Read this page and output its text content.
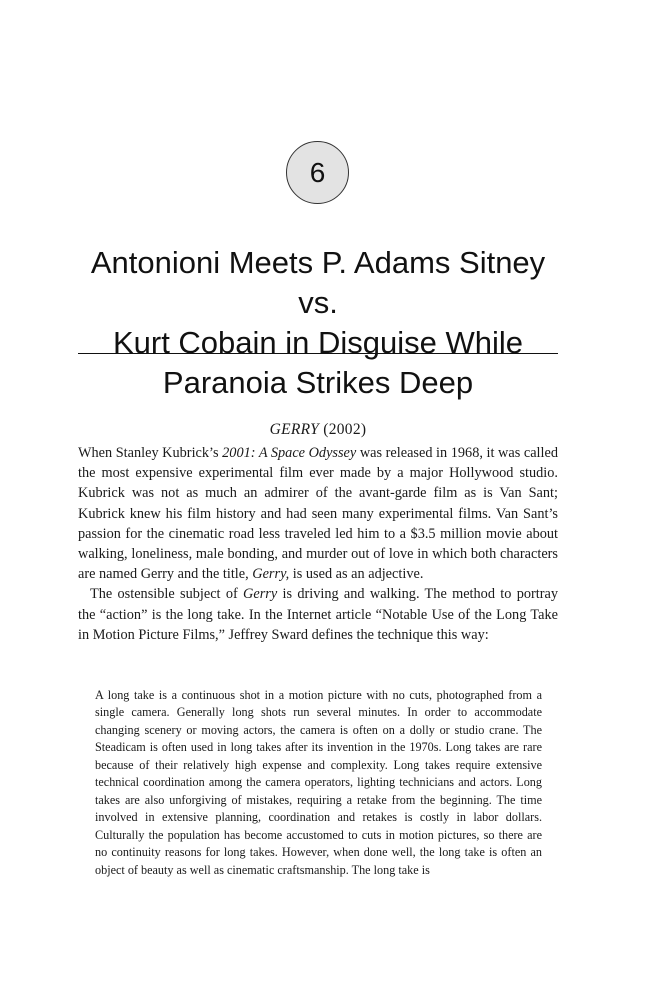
6
Antonioni Meets P. Adams Sitney vs.
Kurt Cobain in Disguise While
Paranoia Strikes Deep
GERRY (2002)

When Stanley Kubrick’s 2001: A Space Odyssey was released in 1968, it was called the most expensive experimental film ever made by a major Hollywood studio. Kubrick was not as much an admirer of the avant-garde film as is Van Sant; Kubrick knew his film history and had seen many experimental films. Van Sant’s passion for the cinematic road less traveled led him to a $3.5 million movie about walking, loneliness, male bonding, and murder out of love in which both characters are named Gerry and the title, Gerry, is used as an adjective.

The ostensible subject of Gerry is driving and walking. The method to portray the “action” is the long take. In the Internet article “Notable Use of the Long Take in Motion Picture Films,” Jeffrey Sward defines the technique this way:

A long take is a continuous shot in a motion picture with no cuts, photographed from a single camera. Generally long shots run several minutes. In order to accommodate changing scenery or moving actors, the camera is often on a dolly or studio crane. The Steadicam is often used in long takes after its invention in the 1970s. Long takes are rare because of their relatively high expense and complexity. Long takes require extensive technical coordination among the camera operators, lighting technicians and actors. Long takes are also unforgiving of mistakes, requiring a retake from the beginning. The time involved in extensive planning, coordination and retakes is costly in labor dollars. Culturally the population has become accustomed to cuts in motion pictures, so there are no continuity reasons for long takes. However, when done well, the long take is often an object of beauty as well as cinematic craftsmanship. The long take is
